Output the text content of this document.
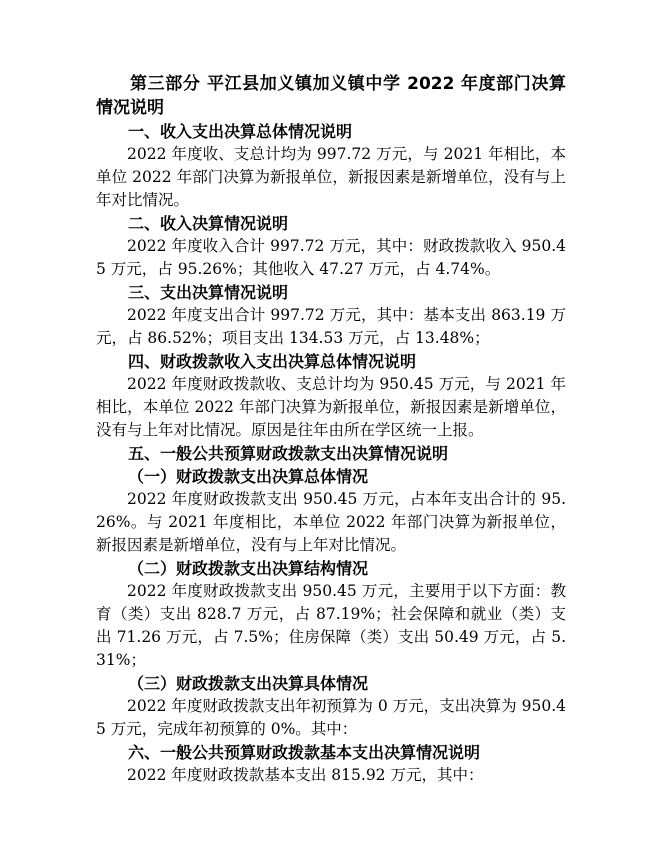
第三部分 平江县加义镇加义镇中学 2022 年度部门决算情况说明

一、收入支出决算总体情况说明

2022 年度收、支总计均为 997.72 万元，与 2021 年相比，本单位 2022 年部门决算为新报单位，新报因素是新增单位，没有与上年对比情况。

二、收入决算情况说明

2022 年度收入合计 997.72 万元，其中：财政拨款收入 950.45 万元，占 95.26%；其他收入 47.27 万元，占 4.74%。

三、支出决算情况说明

2022 年度支出合计 997.72 万元，其中：基本支出 863.19 万元，占 86.52%；项目支出 134.53 万元，占 13.48%；

四、财政拨款收入支出决算总体情况说明

2022 年度财政拨款收、支总计均为 950.45 万元，与 2021 年相比，本单位 2022 年部门决算为新报单位，新报因素是新增单位，没有与上年对比情况。原因是往年由所在学区统一上报。

五、一般公共预算财政拨款支出决算情况说明

（一）财政拨款支出决算总体情况

2022 年度财政拨款支出 950.45 万元，占本年支出合计的 95.26%。与 2021 年度相比，本单位 2022 年部门决算为新报单位，新报因素是新增单位，没有与上年对比情况。

（二）财政拨款支出决算结构情况

2022 年度财政拨款支出 950.45 万元，主要用于以下方面：教育（类）支出 828.7 万元，占 87.19%；社会保障和就业（类）支出 71.26 万元，占 7.5%；住房保障（类）支出 50.49 万元，占 5.31%；

（三）财政拨款支出决算具体情况

2022 年度财政拨款支出年初预算为 0 万元，支出决算为 950.45 万元，完成年初预算的 0%。其中：

六、一般公共预算财政拨款基本支出决算情况说明

2022 年度财政拨款基本支出 815.92 万元，其中：
